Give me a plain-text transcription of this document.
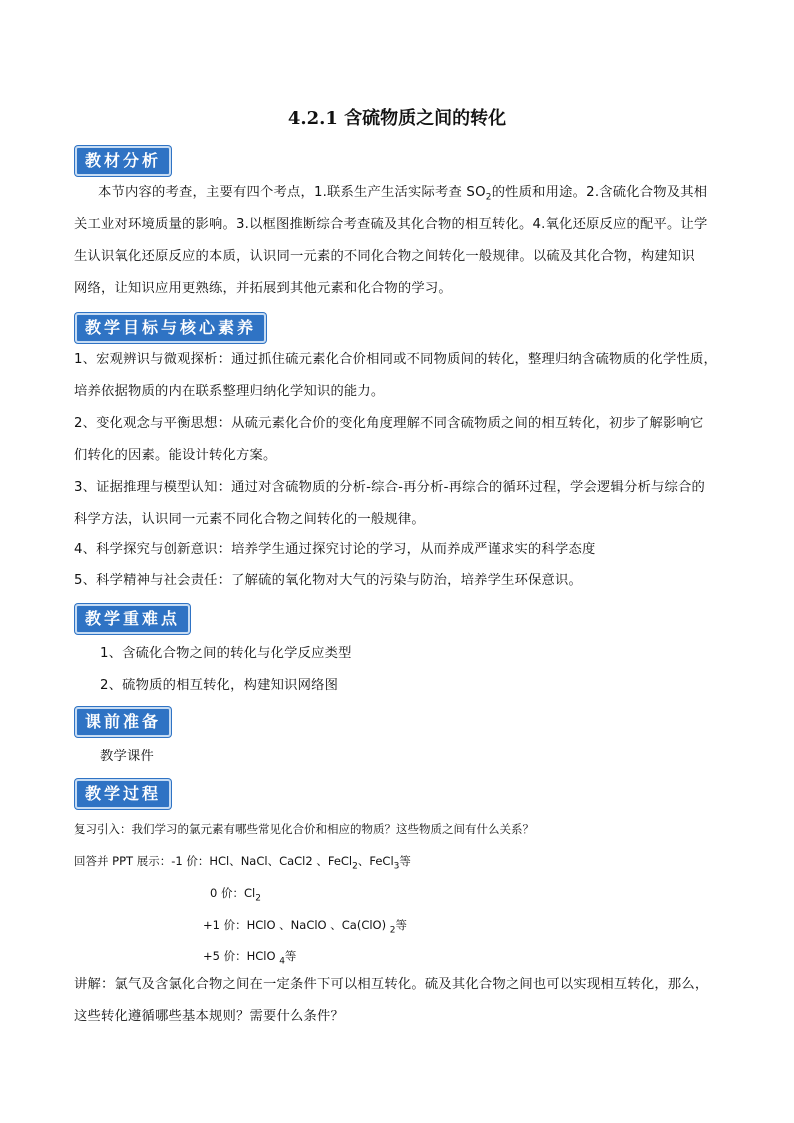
4.2.1 含硫物质之间的转化
教材分析
本节内容的考查，主要有四个考点，1.联系生产生活实际考查 $SO_2$的性质和用途。2.含硫化合物及其相
关工业对环境质量的影响。3.以框图推断综合考查硫及其化合物的相互转化。4.氧化还原反应的配平。让学
生认识氧化还原反应的本质，认识同一元素的不同化合物之间转化一般规律。以硫及其化合物，构建知识
网络，让知识应用更熟练，并拓展到其他元素和化合物的学习。
教学目标与核心素养
1、宏观辨识与微观探析：通过抓住硫元素化合价相同或不同物质间的转化，整理归纳含硫物质的化学性质，
培养依据物质的内在联系整理归纳化学知识的能力。
2、变化观念与平衡思想：从硫元素化合价的变化角度理解不同含硫物质之间的相互转化，初步了解影响它
们转化的因素。能设计转化方案。
3、证据推理与模型认知：通过对含硫物质的分析-综合-再分析-再综合的循环过程，学会逻辑分析与综合的
科学方法，认识同一元素不同化合物之间转化的一般规律。
4、科学探究与创新意识：培养学生通过探究讨论的学习，从而养成严谨求实的科学态度
5、科学精神与社会责任：了解硫的氧化物对大气的污染与防治，培养学生环保意识。
教学重难点
1、含硫化合物之间的转化与化学反应类型
2、硫物质的相互转化，构建知识网络图
课前准备
教学课件
教学过程
复习引入：我们学习的氯元素有哪些常见化合价和相应的物质？这些物质之间有什么关系？
回答并 PPT 展示：-1 价：HCl、NaCl、CaCl2 、FeCl$_2$、FeCl$_3$等
0 价：$Cl_2$
+1 价：HClO 、NaClO 、Ca(ClO) $_2$等
+5 价：HClO $_4$等
讲解：氯气及含氯化合物之间在一定条件下可以相互转化。硫及其化合物之间也可以实现相互转化，那么，
这些转化遵循哪些基本规则？需要什么条件？
